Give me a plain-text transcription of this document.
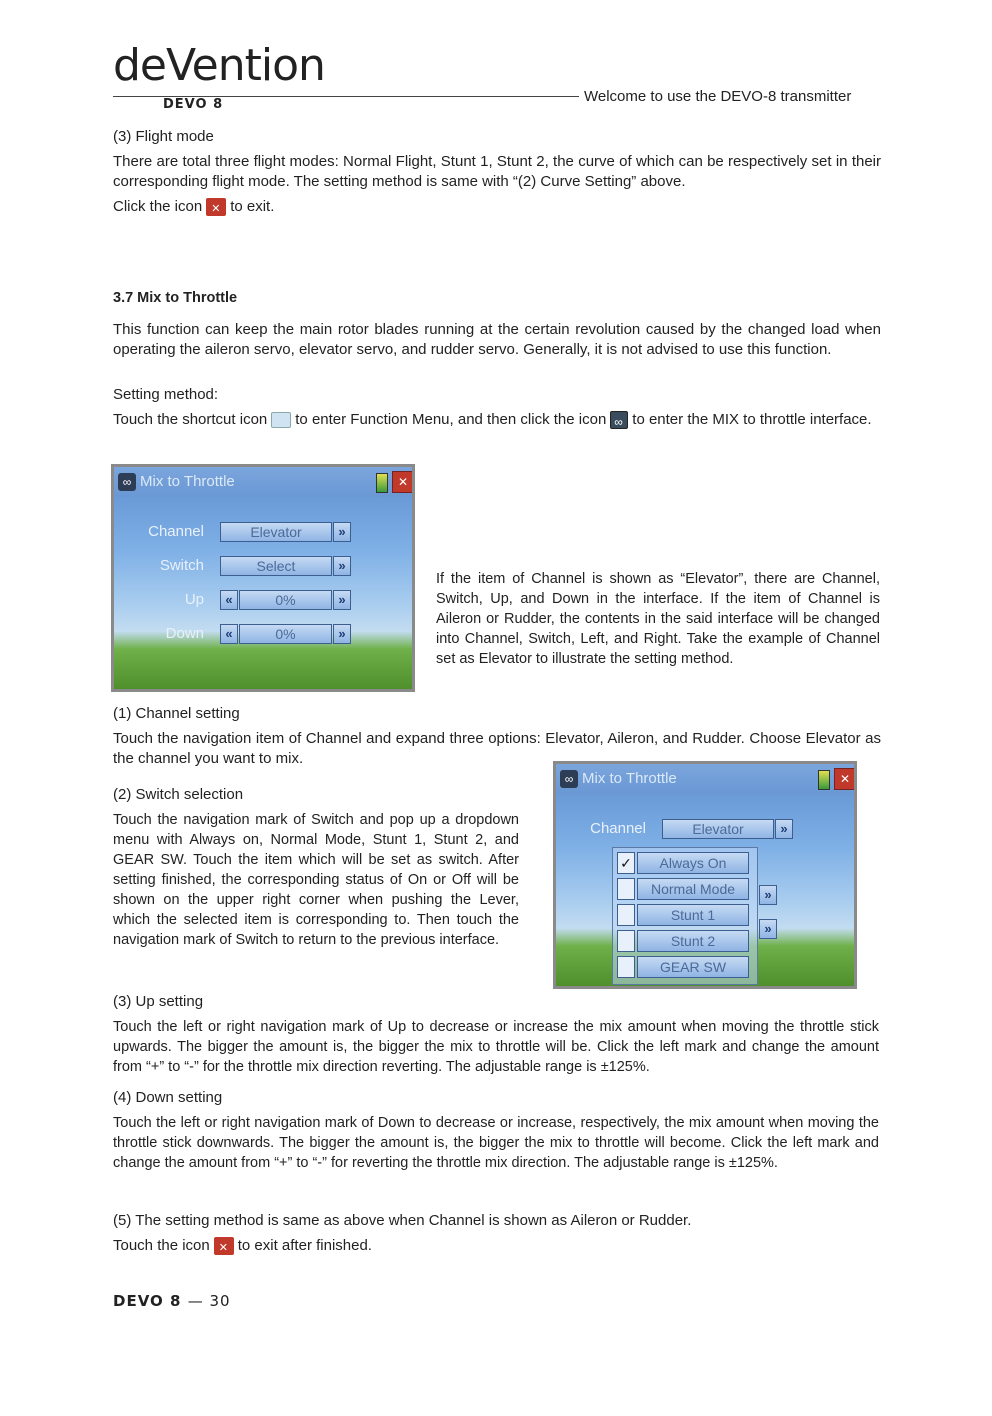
deVention
DEVO 8	Welcome to use the DEVO-8 transmitter

(3) Flight mode

There are total three flight modes: Normal Flight, Stunt 1, Stunt 2, the curve of which can be respectively set in their corresponding flight mode. The setting method is same with “(2) Curve Setting” above.

Click the icon ✕ to exit.

3.7 Mix to Throttle

This function can keep the main rotor blades running at the certain revolution caused by the changed load when operating the aileron servo, elevator servo, and rudder servo. Generally, it is not advised to use this function.

Setting method:

Touch the shortcut icon to enter Function Menu, and then click the icon ∞ to enter the MIX to throttle interface.

∞ Mix to Throttle	✕
Channel	Elevator	»
Switch	Select	»
Up	«	0%	»
Down	«	0%	»

If the item of Channel is shown as “Elevator”, there are Channel, Switch, Up, and Down in the interface. If the item of Channel is Aileron or Rudder, the contents in the said interface will be changed into Channel, Switch, Left, and Right. Take the example of Channel set as Elevator to illustrate the setting method.

(1) Channel setting

Touch the navigation item of Channel and expand three options: Elevator, Aileron, and Rudder. Choose Elevator as the channel you want to mix.

(2) Switch selection

Touch the navigation mark of Switch and pop up a dropdown menu with Always on, Normal Mode, Stunt 1, Stunt 2, and GEAR SW. Touch the item which will be set as switch. After setting finished, the corresponding status of On or Off will be shown on the upper right corner when pushing the Lever, which the selected item is corresponding to. Then touch the navigation mark of Switch to return to the previous interface.

∞ Mix to Throttle	✕
Channel	Elevator	»
»
»
✓	Always On
Normal Mode
Stunt 1
Stunt 2
GEAR SW

(3) Up setting

Touch the left or right navigation mark of Up to decrease or increase the mix amount when moving the throttle stick upwards. The bigger the amount is, the bigger the mix to throttle will be. Click the left mark and change the amount from “+” to “-” for the throttle mix direction reverting. The adjustable range is ±125%.

(4) Down setting

Touch the left or right navigation mark of Down to decrease or increase, respectively, the mix amount when moving the throttle stick downwards. The bigger the amount is, the bigger the mix to throttle will become. Click the left mark and change the amount from “+” to “-” for reverting the throttle mix direction. The adjustable range is ±125%.

(5) The setting method is same as above when Channel is shown as Aileron or Rudder.

Touch the icon ✕ to exit after finished.

DEVO 8 — 30
